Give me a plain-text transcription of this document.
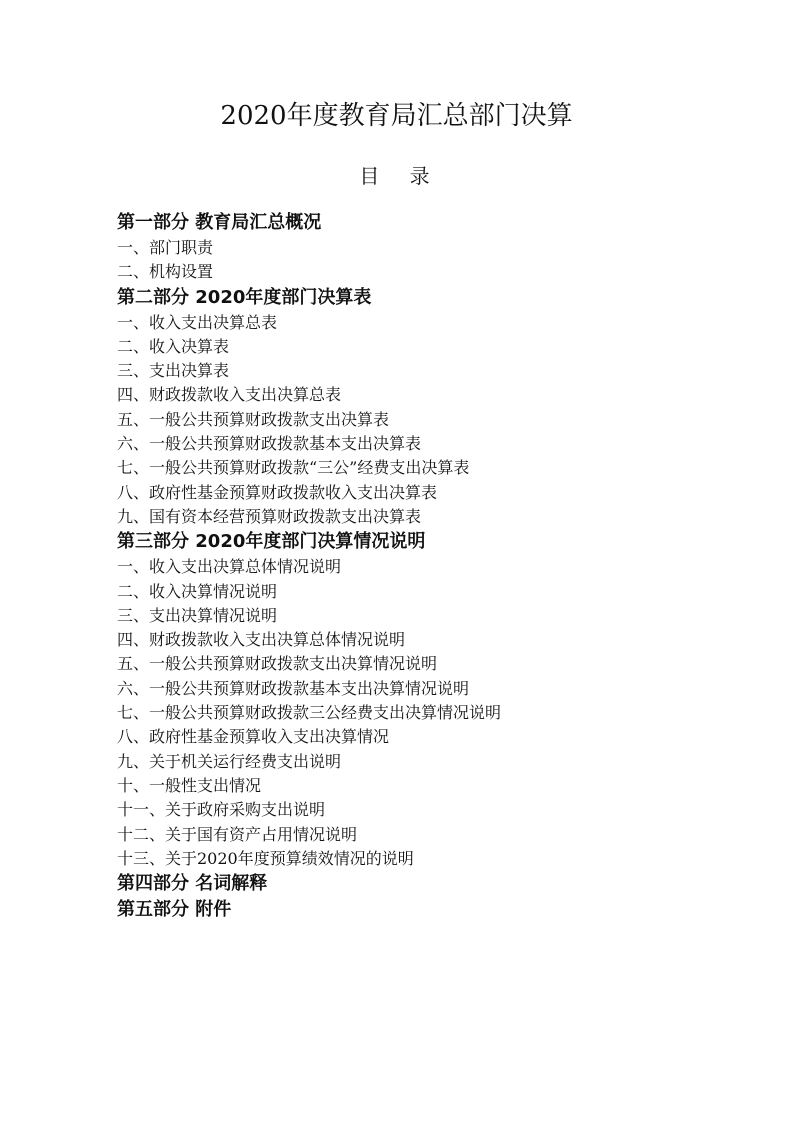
2020年度教育局汇总部门决算
目 录
第一部分 教育局汇总概况
一、部门职责
二、机构设置
第二部分 2020年度部门决算表
一、收入支出决算总表
二、收入决算表
三、支出决算表
四、财政拨款收入支出决算总表
五、一般公共预算财政拨款支出决算表
六、一般公共预算财政拨款基本支出决算表
七、一般公共预算财政拨款“三公”经费支出决算表
八、政府性基金预算财政拨款收入支出决算表
九、国有资本经营预算财政拨款支出决算表
第三部分 2020年度部门决算情况说明
一、收入支出决算总体情况说明
二、收入决算情况说明
三、支出决算情况说明
四、财政拨款收入支出决算总体情况说明
五、一般公共预算财政拨款支出决算情况说明
六、一般公共预算财政拨款基本支出决算情况说明
七、一般公共预算财政拨款三公经费支出决算情况说明
八、政府性基金预算收入支出决算情况
九、关于机关运行经费支出说明
十、一般性支出情况
十一、关于政府采购支出说明
十二、关于国有资产占用情况说明
十三、关于2020年度预算绩效情况的说明
第四部分 名词解释
第五部分 附件
